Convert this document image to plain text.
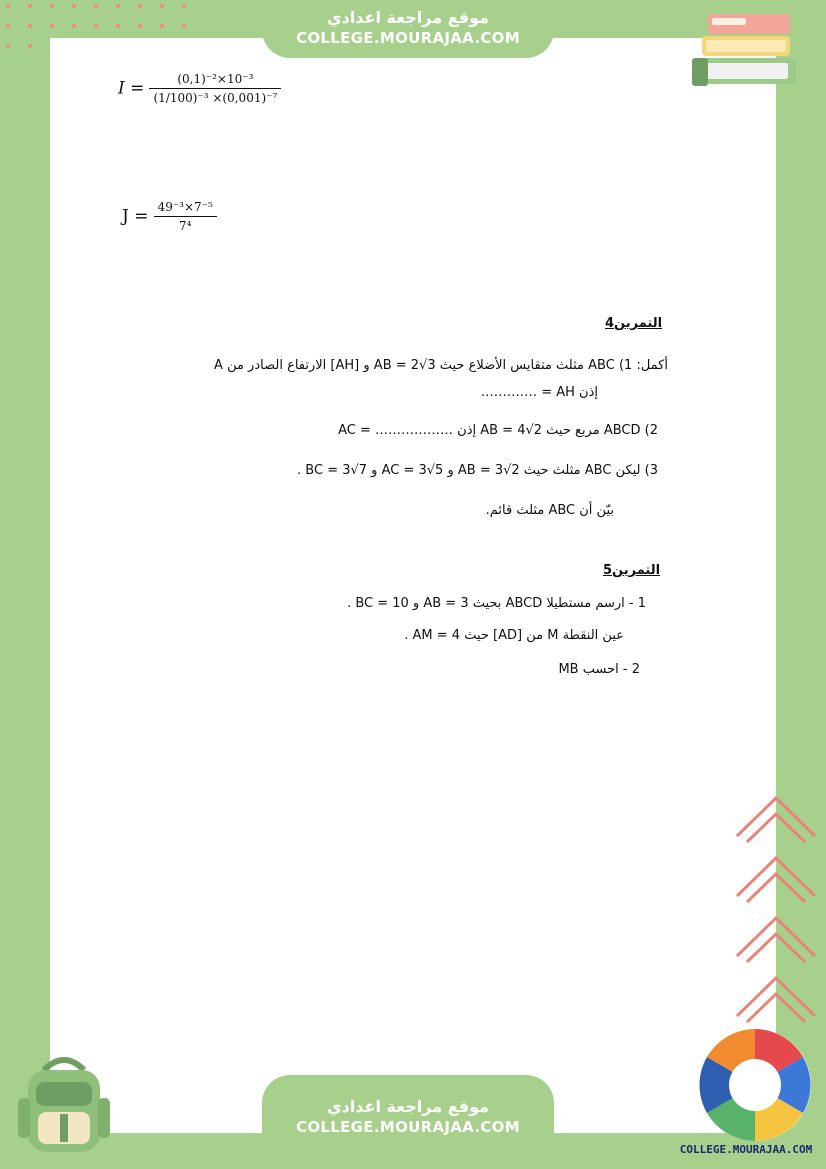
موقع مراجعة اعدادي
COLLEGE.MOURAJAA.COM
$I = \frac{\text{(0,1)⁻²×10⁻³}}{\text{(1/100)⁻³ ×(0,001)⁻⁷}}$
$J = \frac{\text{49⁻³×7⁻⁵}}{\text{7⁴}}$
التمرين4
أكمل: 1) ABC مثلث متقايس الأضلاع حيث AB = 2√3 و [AH] الارتفاع الصادر من A
إذن AH = ………….
2) ABCD مربع حيث AB = 4√2 إذن ……………… = AC
3) ليكن ABC مثلث حيث AB = 3√2 و AC = 3√5 و BC = 3√7 .
بيّن أن ABC مثلث قائم.
التمرين5
1 - ارسم مستطيلا ABCD بحيث AB = 3 و BC = 10 .
عين النقطة M من [AD] حيث AM = 4 .
2 - احسب MB
موقع مراجعة اعدادي
COLLEGE.MOURAJAA.COM
COLLEGE.MOURAJAA.COM
